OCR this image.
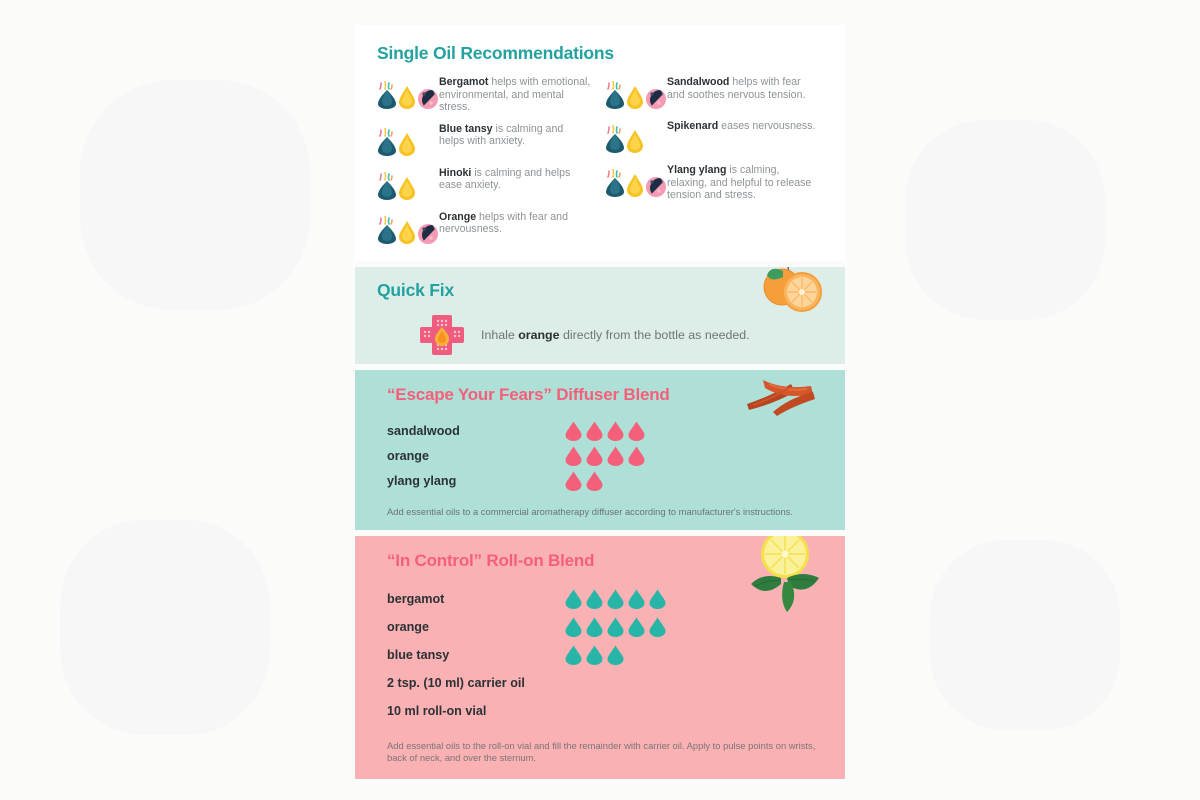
Single Oil Recommendations
Bergamot helps with emotional, environmental, and mental stress.
Blue tansy is calming and helps with anxiety.
Hinoki is calming and helps ease anxiety.
Orange helps with fear and nervousness.
Sandalwood helps with fear and soothes nervous tension.
Spikenard eases nervousness.
Ylang ylang is calming, relaxing, and helpful to release tension and stress.
Quick Fix
Inhale orange directly from the bottle as needed.
“Escape Your Fears” Diffuser Blend
sandalwood
orange
ylang ylang

Add essential oils to a commercial aromatherapy diffuser according to manufacturer's instructions.

“In Control” Roll-on Blend
bergamot
orange
blue tansy
2 tsp. (10 ml) carrier oil
10 ml roll-on vial

Add essential oils to the roll-on vial and fill the remainder with carrier oil. Apply to pulse points on wrists, back of neck, and over the sternum.
